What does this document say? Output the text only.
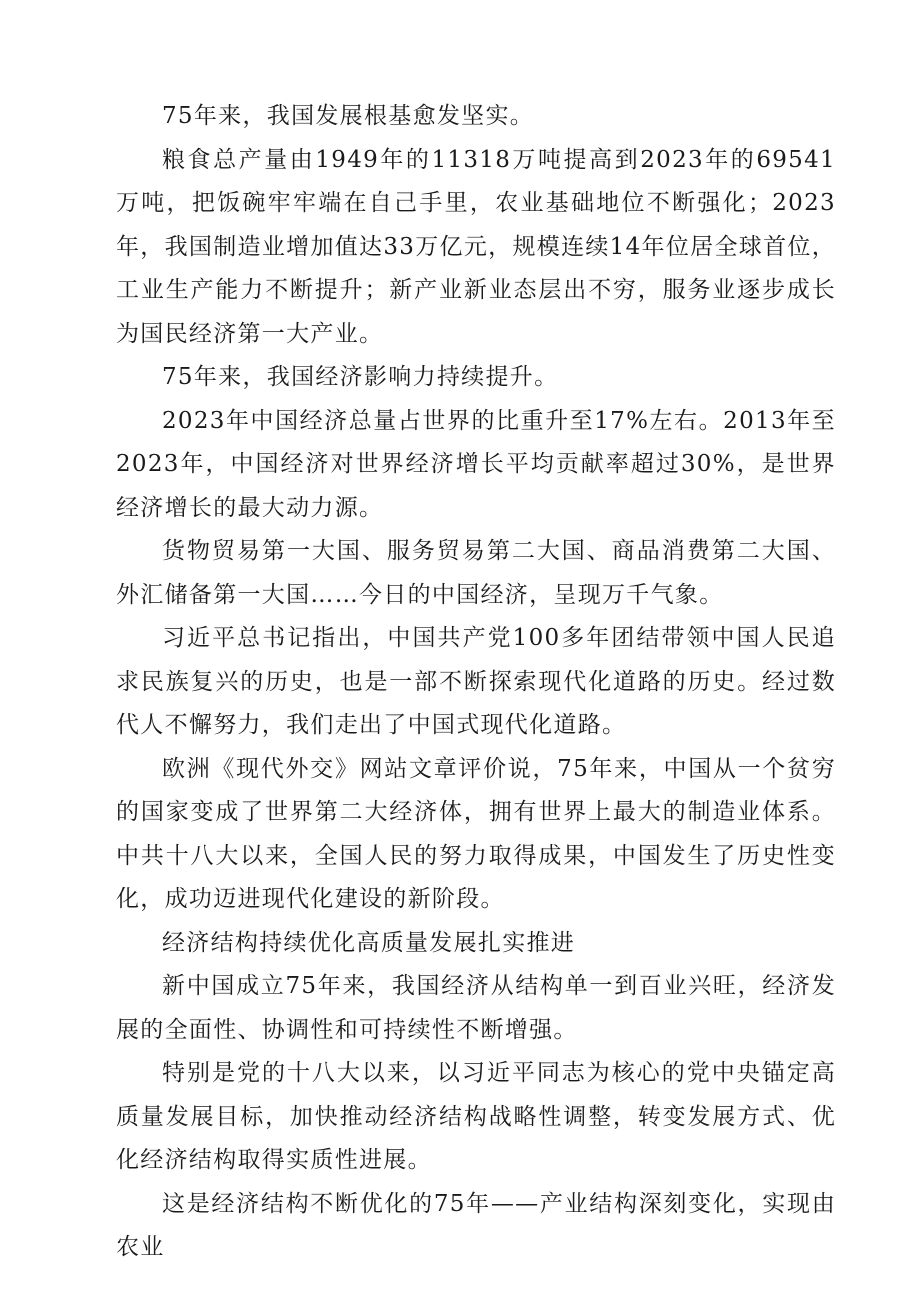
75年来，我国发展根基愈发坚实。

粮食总产量由1949年的11318万吨提高到2023年的69541万吨，把饭碗牢牢端在自己手里，农业基础地位不断强化；2023年，我国制造业增加值达33万亿元，规模连续14年位居全球首位，工业生产能力不断提升；新产业新业态层出不穷，服务业逐步成长为国民经济第一大产业。

75年来，我国经济影响力持续提升。

2023年中国经济总量占世界的比重升至17%左右。2013年至2023年，中国经济对世界经济增长平均贡献率超过30%，是世界经济增长的最大动力源。

货物贸易第一大国、服务贸易第二大国、商品消费第二大国、外汇储备第一大国……今日的中国经济，呈现万千气象。

习近平总书记指出，中国共产党100多年团结带领中国人民追求民族复兴的历史，也是一部不断探索现代化道路的历史。经过数代人不懈努力，我们走出了中国式现代化道路。

欧洲《现代外交》网站文章评价说，75年来，中国从一个贫穷的国家变成了世界第二大经济体，拥有世界上最大的制造业体系。中共十八大以来，全国人民的努力取得成果，中国发生了历史性变化，成功迈进现代化建设的新阶段。

经济结构持续优化高质量发展扎实推进

新中国成立75年来，我国经济从结构单一到百业兴旺，经济发展的全面性、协调性和可持续性不断增强。

特别是党的十八大以来，以习近平同志为核心的党中央锚定高质量发展目标，加快推动经济结构战略性调整，转变发展方式、优化经济结构取得实质性进展。

这是经济结构不断优化的75年——产业结构深刻变化，实现由农业
